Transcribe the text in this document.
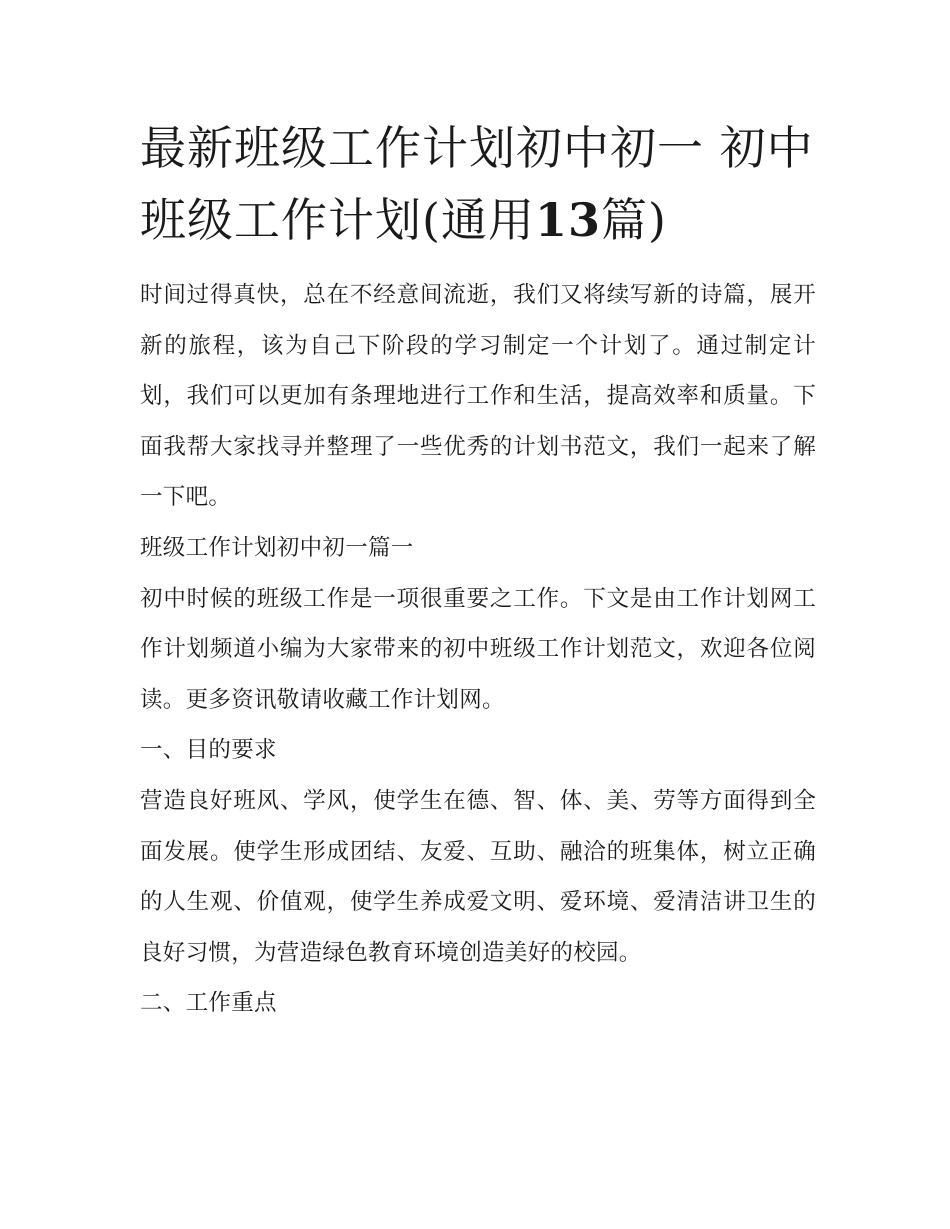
最新班级工作计划初中初一 初中班级工作计划(通用13篇)

时间过得真快，总在不经意间流逝，我们又将续写新的诗篇，展开新的旅程，该为自己下阶段的学习制定一个计划了。通过制定计划，我们可以更加有条理地进行工作和生活，提高效率和质量。下面我帮大家找寻并整理了一些优秀的计划书范文，我们一起来了解一下吧。

班级工作计划初中初一篇一

初中时候的班级工作是一项很重要之工作。下文是由工作计划网工作计划频道小编为大家带来的初中班级工作计划范文，欢迎各位阅读。更多资讯敬请收藏工作计划网。

一、目的要求

营造良好班风、学风，使学生在德、智、体、美、劳等方面得到全面发展。使学生形成团结、友爱、互助、融洽的班集体，树立正确的人生观、价值观，使学生养成爱文明、爱环境、爱清洁讲卫生的良好习惯，为营造绿色教育环境创造美好的校园。

二、工作重点
